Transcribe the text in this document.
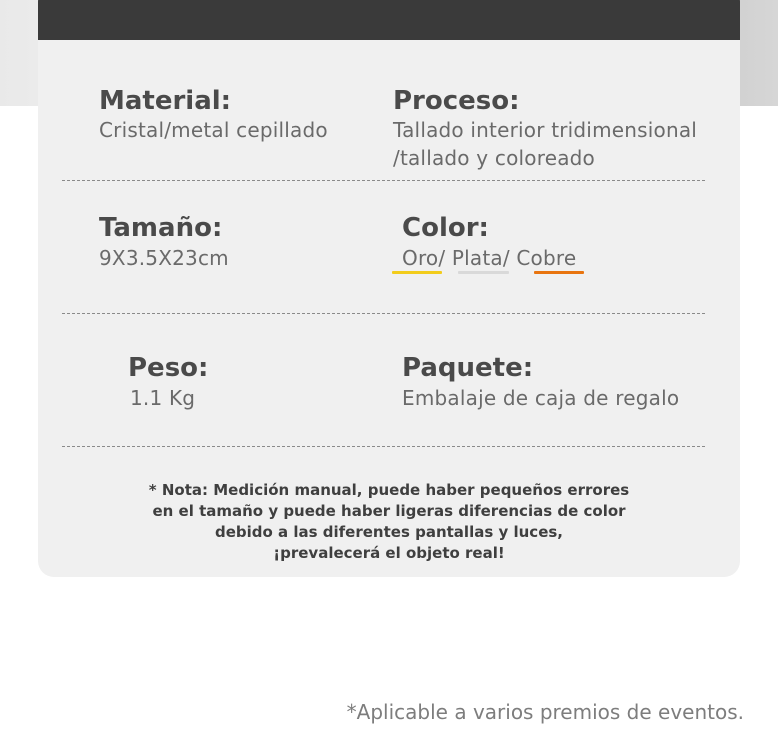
Material:
Cristal/metal cepillado
Proceso:
Tallado interior tridimensional
/tallado y coloreado
Tamaño:
9X3.5X23cm
Color:
Oro/ Plata/ Cobre
Peso:
1.1 Kg
Paquete:
Embalaje de caja de regalo
* Nota: Medición manual, puede haber pequeños errores
en el tamaño y puede haber ligeras diferencias de color
debido a las diferentes pantallas y luces,
¡prevalecerá el objeto real!
*Aplicable a varios premios de eventos.
